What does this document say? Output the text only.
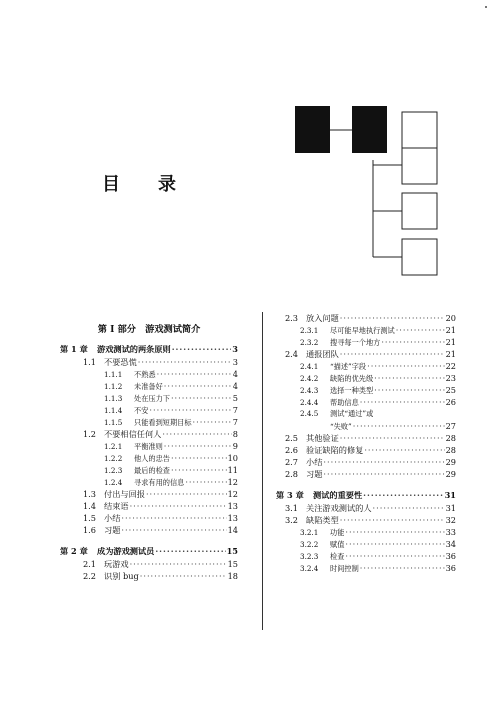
目 录
第 Ⅰ 部分　游戏测试简介
第 1 章	游戏测试的两条原则 ·····	3
1.1 不要恐慌 ·····	3
1.1.1	不熟悉 ·····	4
1.1.2	未准备好 ·····	4
1.1.3	处在压力下 ·····	5
1.1.4	不安 ·····	7
1.1.5	只能看到短期目标 ·····	7
1.2 不要相信任何人 ·····	8
1.2.1	平衡准则 ·····	9
1.2.2	他人的忠告 ·····	10
1.2.3	最后的检查 ·····	11
1.2.4	寻求有用的信息 ·····	12
1.3 付出与回报 ·····	12
1.4 结束语 ·····	13
1.5 小结 ·····	13
1.6 习题 ·····	14
第 2 章	成为游戏测试员 ·····	15
2.1 玩游戏 ·····	15
2.2 识别 bug ·····	18
2.3 放入问题 ·····	20
2.3.1	尽可能早地执行测试 ·····	21
2.3.2	搜寻每一个地方 ·····	21
2.4 通报团队 ·····	21
2.4.1	“描述”字段 ·····	22
2.4.2	缺陷的优先级 ·····	23
2.4.3	选择一种类型 ·····	25
2.4.4	帮助信息 ·····	26
2.4.5	测试“通过”或
“失败” ·····	27
2.5 其他验证 ·····	28
2.6 验证缺陷的修复 ·····	28
2.7 小结 ·····	29
2.8 习题 ·····	29
第 3 章	测试的重要性 ·····	31
3.1 关注游戏测试的人 ·····	31
3.2 缺陷类型 ·····	32
3.2.1	功能 ·····	33
3.2.2	赋值 ·····	34
3.2.3	检查 ·····	36
3.2.4	时间控制 ·····	36
